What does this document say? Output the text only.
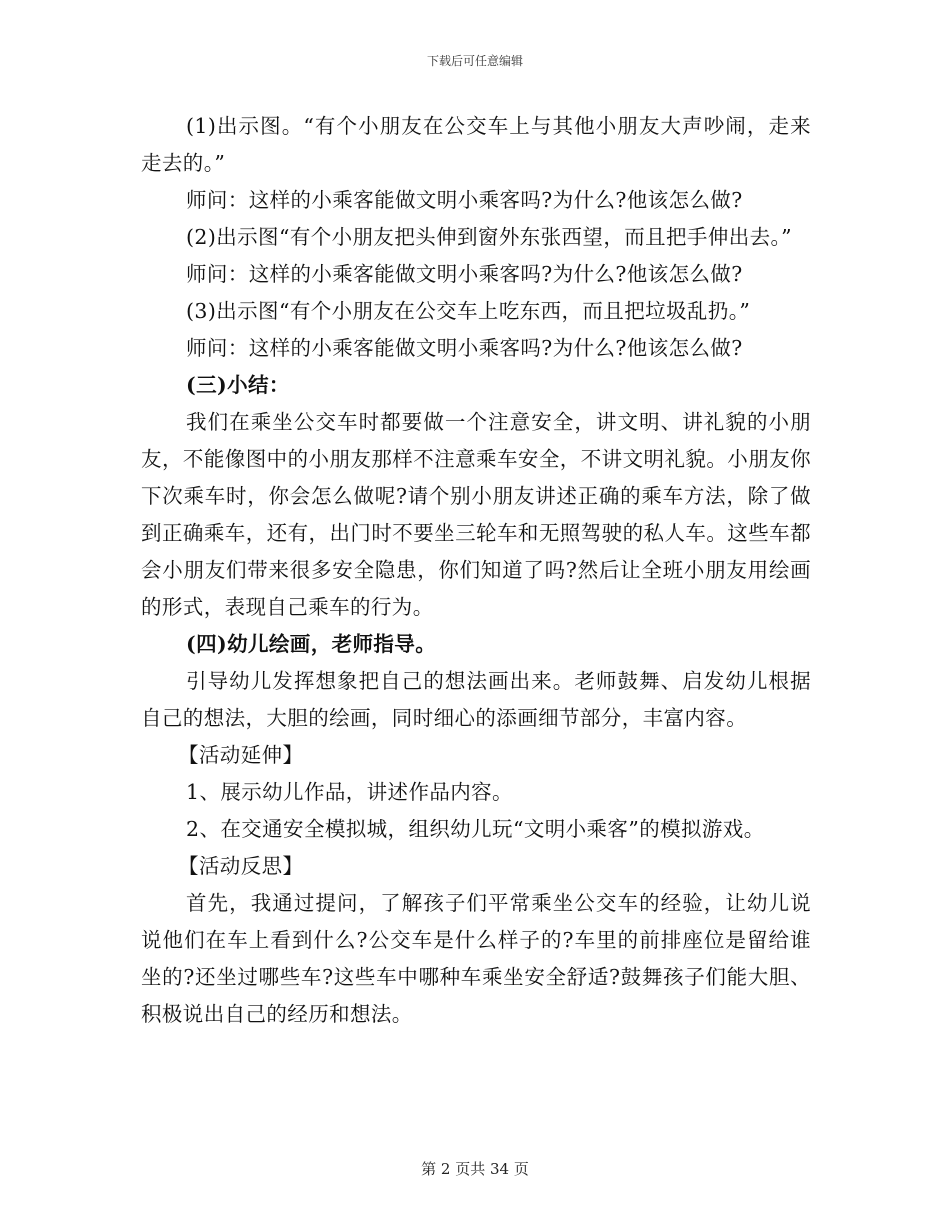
下载后可任意编辑

(1)出示图。“有个小朋友在公交车上与其他小朋友大声吵闹，走来走去的。”

师问：这样的小乘客能做文明小乘客吗?为什么?他该怎么做?

(2)出示图“有个小朋友把头伸到窗外东张西望，而且把手伸出去。”

师问：这样的小乘客能做文明小乘客吗?为什么?他该怎么做?

(3)出示图“有个小朋友在公交车上吃东西，而且把垃圾乱扔。”

师问：这样的小乘客能做文明小乘客吗?为什么?他该怎么做?

(三)小结：

我们在乘坐公交车时都要做一个注意安全，讲文明、讲礼貌的小朋友，不能像图中的小朋友那样不注意乘车安全，不讲文明礼貌。小朋友你下次乘车时，你会怎么做呢?请个别小朋友讲述正确的乘车方法，除了做到正确乘车，还有，出门时不要坐三轮车和无照驾驶的私人车。这些车都会小朋友们带来很多安全隐患，你们知道了吗?然后让全班小朋友用绘画的形式，表现自己乘车的行为。

(四)幼儿绘画，老师指导。

引导幼儿发挥想象把自己的想法画出来。老师鼓舞、启发幼儿根据自己的想法，大胆的绘画，同时细心的添画细节部分，丰富内容。

【活动延伸】

1、展示幼儿作品，讲述作品内容。

2、在交通安全模拟城，组织幼儿玩“文明小乘客”的模拟游戏。

【活动反思】

首先，我通过提问，了解孩子们平常乘坐公交车的经验，让幼儿说说他们在车上看到什么?公交车是什么样子的?车里的前排座位是留给谁坐的?还坐过哪些车?这些车中哪种车乘坐安全舒适?鼓舞孩子们能大胆、积极说出自己的经历和想法。

第 2 页共 34 页
